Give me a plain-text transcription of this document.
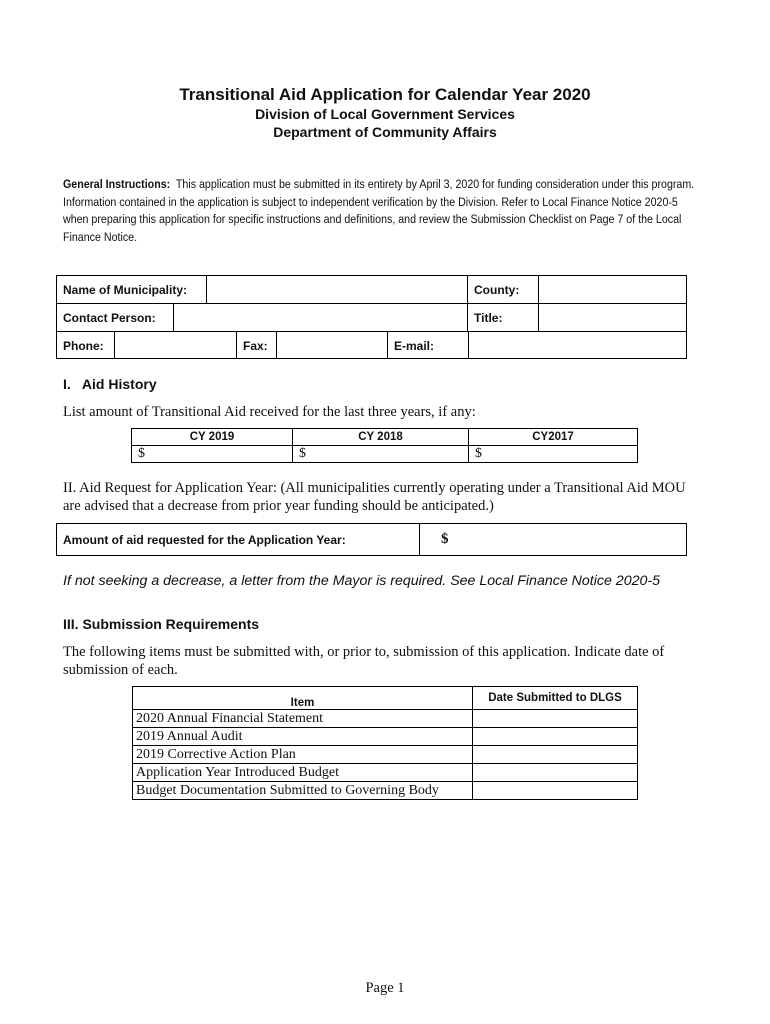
Transitional Aid Application for Calendar Year 2020
Division of Local Government Services
Department of Community Affairs
General Instructions: This application must be submitted in its entirety by April 3, 2020 for funding consideration under this program. Information contained in the application is subject to independent verification by the Division. Refer to Local Finance Notice 2020-5 when preparing this application for specific instructions and definitions, and review the Submission Checklist on Page 7 of the Local Finance Notice.
Name of Municipality:	County:
Contact Person:	Title:
Phone:	Fax:	E-mail:
I.   Aid History
List amount of Transitional Aid received for the last three years, if any:
CY 2019	CY 2018	CY2017
$	$	$
II. Aid Request for Application Year: (All municipalities currently operating under a Transitional Aid MOU are advised that a decrease from prior year funding should be anticipated.)
Amount of aid requested for the Application Year:	$
If not seeking a decrease, a letter from the Mayor is required. See Local Finance Notice 2020-5
III. Submission Requirements
The following items must be submitted with, or prior to, submission of this application. Indicate date of submission of each.
Item	Date Submitted to DLGS
2020 Annual Financial Statement	
2019 Annual Audit	
2019 Corrective Action Plan	
Application Year Introduced Budget	
Budget Documentation Submitted to Governing Body	
Page 1
